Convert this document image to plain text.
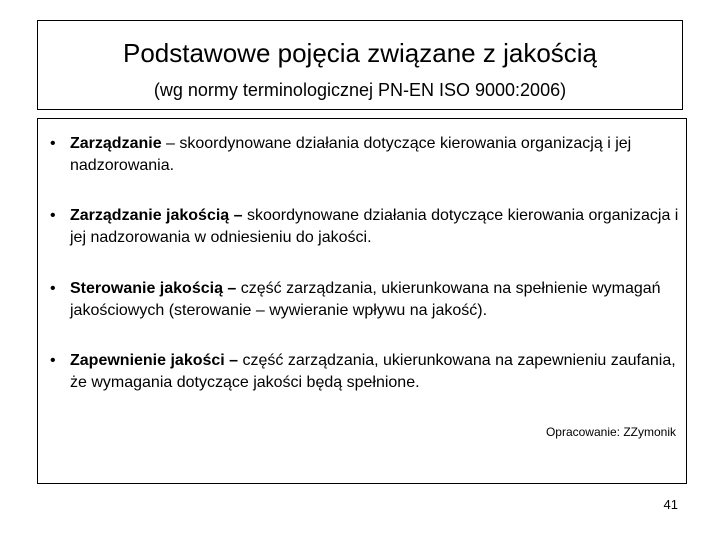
Podstawowe pojęcia związane z jakością
(wg normy terminologicznej PN-EN ISO 9000:2006)
• Zarządzanie – skoordynowane działania dotyczące kierowania organizacją i jej nadzorowania.
• Zarządzanie jakością – skoordynowane działania dotyczące kierowania organizacja i jej nadzorowania w odniesieniu do jakości.
• Sterowanie jakością – część zarządzania, ukierunkowana na spełnienie wymagań jakościowych (sterowanie – wywieranie wpływu na jakość).
• Zapewnienie jakości – część zarządzania, ukierunkowana na zapewnieniu zaufania, że wymagania dotyczące jakości będą spełnione.
Opracowanie: ZZymonik
41
